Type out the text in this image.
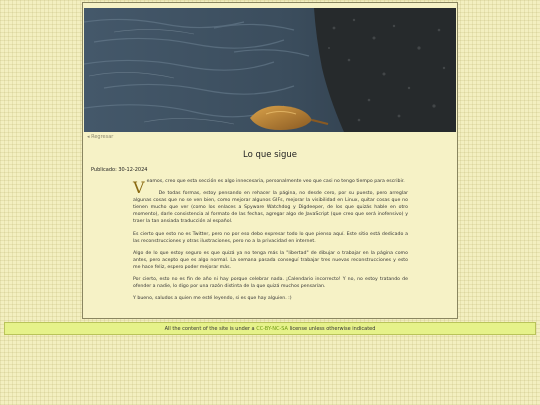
◂ Regresar
Lo que sigue
Publicado: 30-12-2024

Veamos, creo que esta sección es algo innecesaria, personalmente veo que casi no tengo tiempo para escribir.

De todas formas, estoy pensando en rehacer la página, no desde cero, por su puesto, pero arreglar algunas cosas que no se ven bien, como mejorar algunos GIFs, mejorar la visibilidad en Linux, quitar cosas que no tienen mucho que ver (como los enlaces a Spyware Watchdog y Digdeeper, de los que quizás hable en otro momento), darle consistencia al formato de las fechas, agregar algo de JavaScript (que creo que será inofensivo) y traer la tan ansiada traducción al español.

Es cierto que esto no es Twitter, pero no por eso debo expresar todo lo que pienso aquí. Este sitio está dedicado a las reconstrucciones y otras ilustraciones, pero no a la privacidad en internet.

Algo de lo que estoy seguro es que quizá ya no tenga más la "libertad" de dibujar o trabajar en la página como antes, pero acepto que es algo normal. La semana pasada conseguí trabajar tres nuevas reconstrucciones y esto me hace feliz, espero poder mejorar más.

Por cierto, esto no es fin de año ni hay porque celebrar nada. ¡Calendario incorrecto! Y no, no estoy tratando de ofender a nadie, lo digo por una razón distinta de la que quizá muchos pensarían.

Y bueno, saludos a quien me esté leyendo, si es que hay alguien. :)

All the content of the site is under a CC-BY-NC-SA license unless otherwise indicated
